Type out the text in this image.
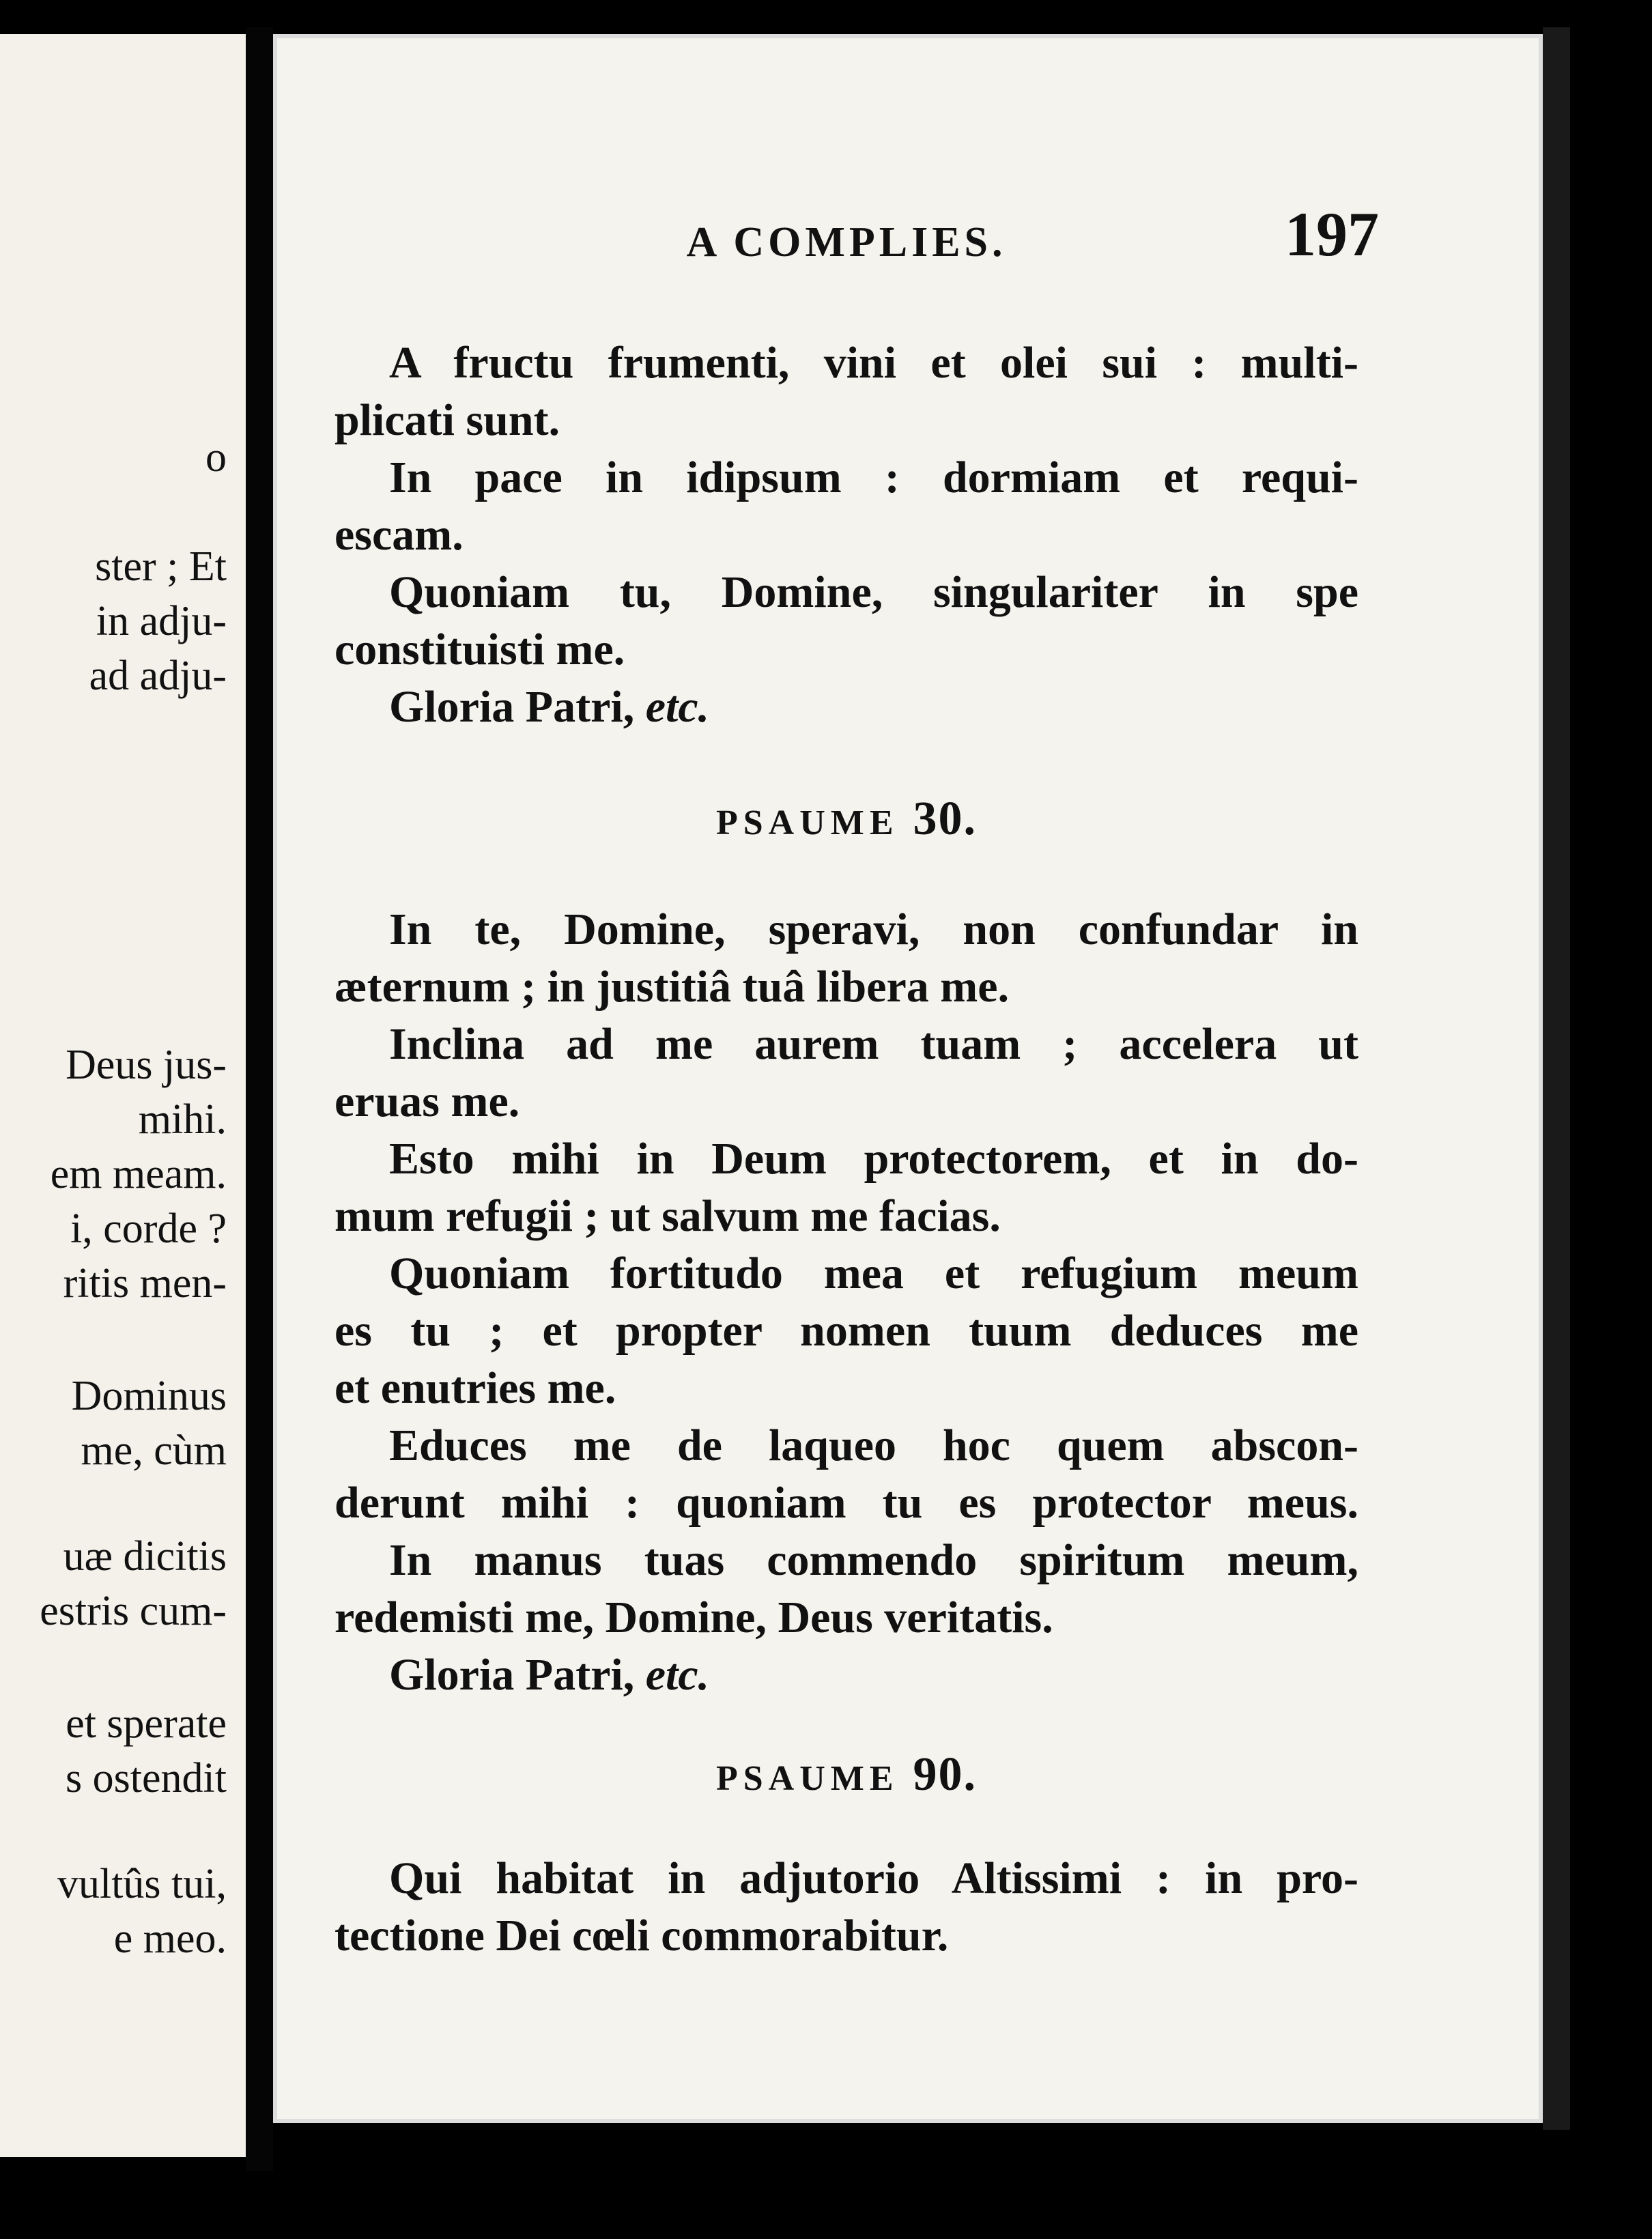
o
ster ; Et
in adju-
ad adju-
Deus jus-
mihi.
em meam.
i, corde ?
ritis men-
Dominus
me, cùm
uæ dicitis
estris cum-
et sperate
s ostendit
vultûs tui,
e meo.
A COMPLIES.	197
A fructu frumenti, vini et olei sui : multi-
plicati sunt.
In pace in idipsum : dormiam et requi-
escam.
Quoniam tu, Domine, singulariter in spe
constituisti me.
Gloria Patri, etc.
PSAUME 30.
In te, Domine, speravi, non confundar in
æternum ; in justitiâ tuâ libera me.
Inclina ad me aurem tuam ; accelera ut
eruas me.
Esto mihi in Deum protectorem, et in do-
mum refugii ; ut salvum me facias.
Quoniam fortitudo mea et refugium meum
es tu ; et propter nomen tuum deduces me
et enutries me.
Educes me de laqueo hoc quem abscon-
derunt mihi : quoniam tu es protector meus.
In manus tuas commendo spiritum meum,
redemisti me, Domine, Deus veritatis.
Gloria Patri, etc.
PSAUME 90.
Qui habitat in adjutorio Altissimi : in pro-
tectione Dei cœli commorabitur.
